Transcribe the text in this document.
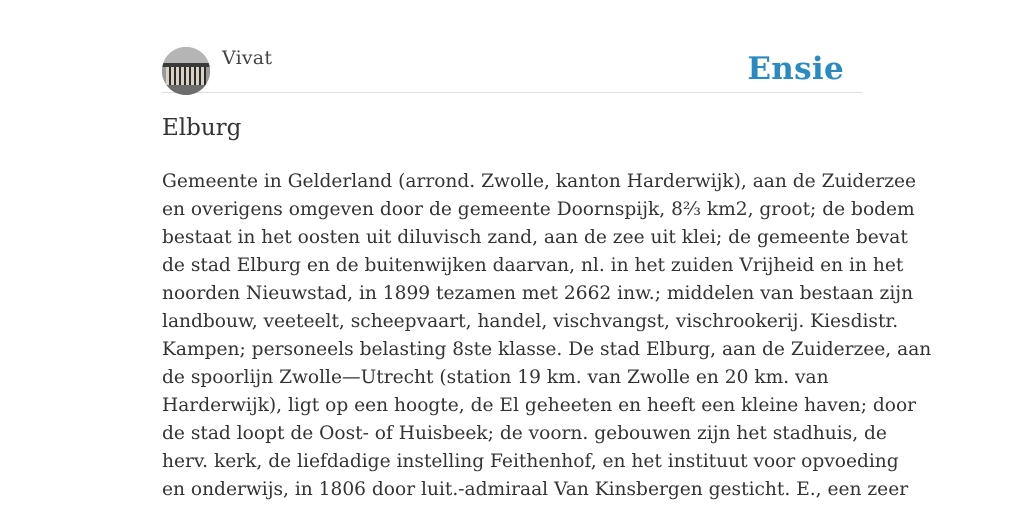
Vivat	Ensie
Elburg

Gemeente in Gelderland (arrond. Zwolle, kanton Harderwijk), aan de Zuiderzee
en overigens omgeven door de gemeente Doornspijk, 8²⁄₃ km2, groot; de bodem
bestaat in het oosten uit diluvisch zand, aan de zee uit klei; de gemeente bevat
de stad Elburg en de buitenwijken daarvan, nl. in het zuiden Vrijheid en in het
noorden Nieuwstad, in 1899 tezamen met 2662 inw.; middelen van bestaan zijn
landbouw, veeteelt, scheepvaart, handel, vischvangst, vischrookerij. Kiesdistr.
Kampen; personeels belasting 8ste klasse. De stad Elburg, aan de Zuiderzee, aan
de spoorlijn Zwolle—Utrecht (station 19 km. van Zwolle en 20 km. van
Harderwijk), ligt op een hoogte, de El geheeten en heeft een kleine haven; door
de stad loopt de Oost- of Huisbeek; de voorn. gebouwen zijn het stadhuis, de
herv. kerk, de liefdadige instelling Feithenhof, en het instituut voor opvoeding
en onderwijs, in 1806 door luit.-admiraal Van Kinsbergen gesticht. E., een zeer
